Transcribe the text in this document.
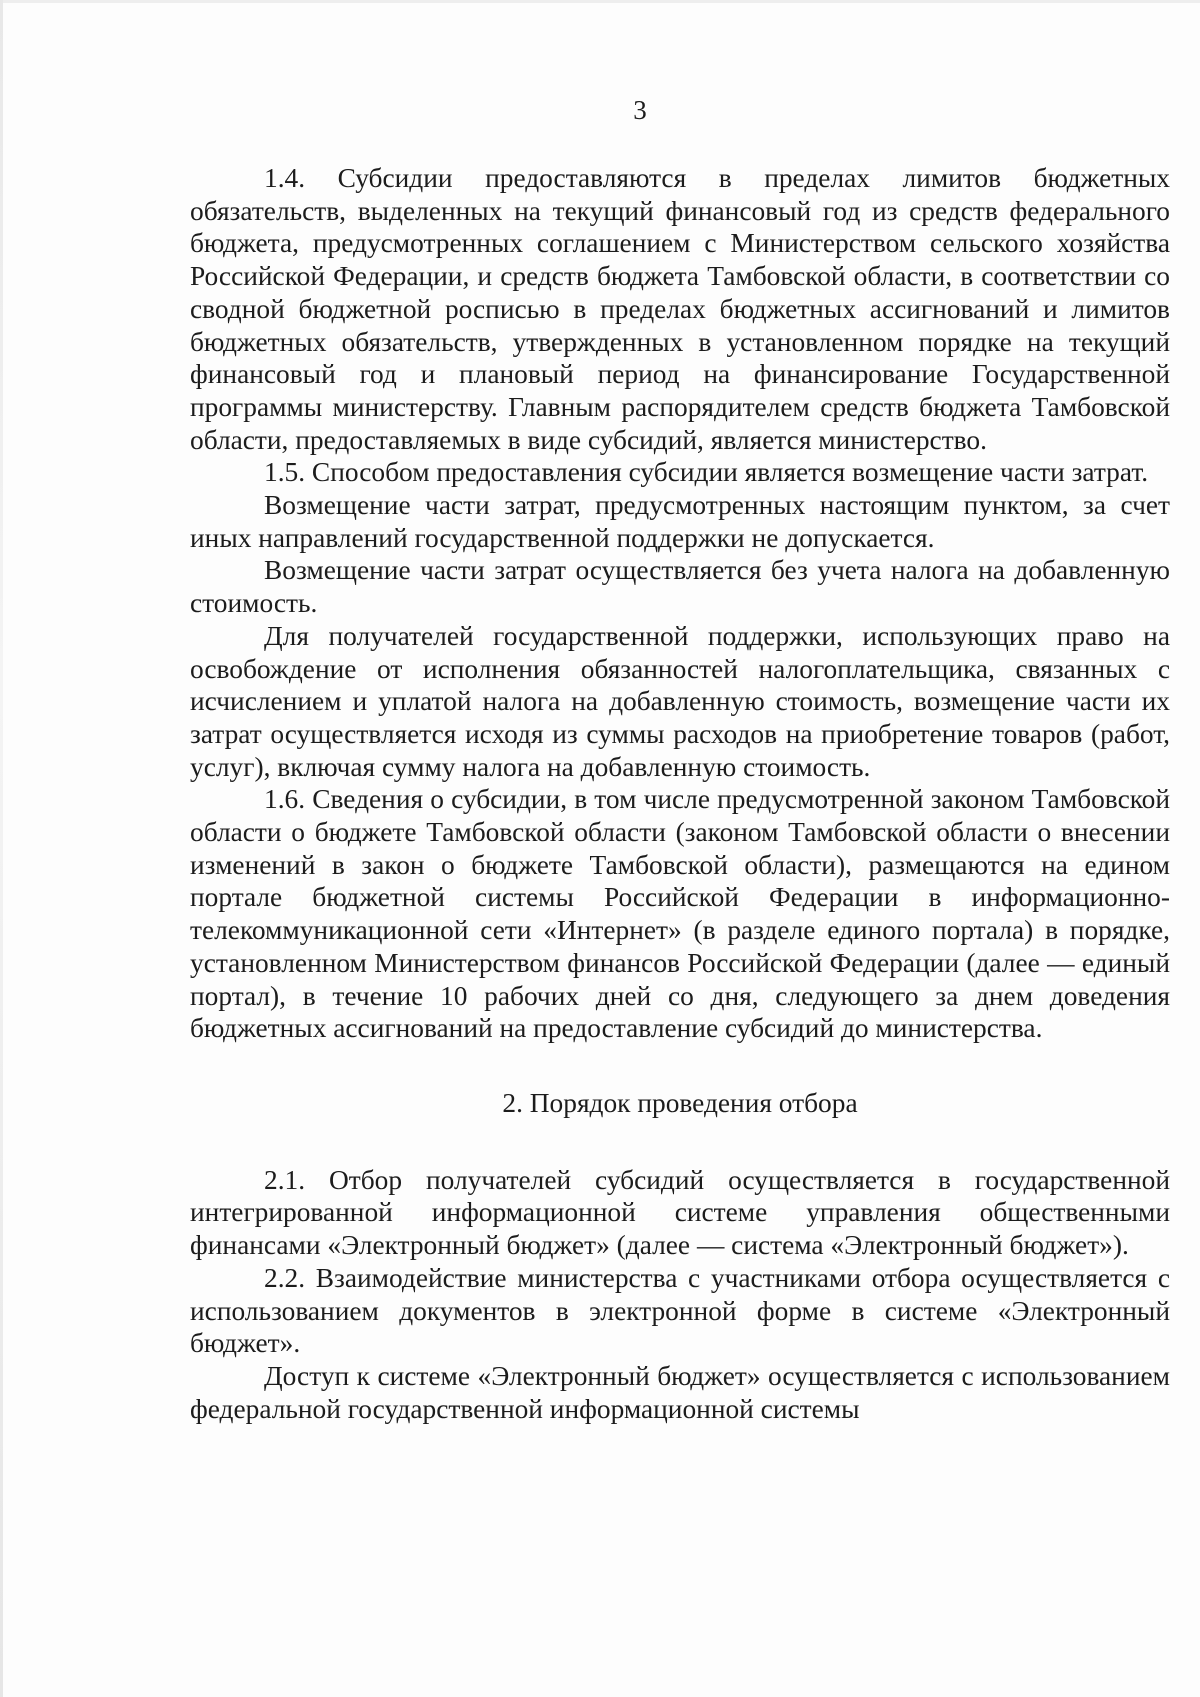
3

1.4. Субсидии предоставляются в пределах лимитов бюджетных обязательств, выделенных на текущий финансовый год из средств федерального бюджета, предусмотренных соглашением с Министерством сельского хозяйства Российской Федерации, и средств бюджета Тамбовской области, в соответствии со сводной бюджетной росписью в пределах бюджетных ассигнований и лимитов бюджетных обязательств, утвержденных в установленном порядке на текущий финансовый год и плановый период на финансирование Государственной программы министерству. Главным распорядителем средств бюджета Тамбовской области, предоставляемых в виде субсидий, является министерство.

1.5. Способом предоставления субсидии является возмещение части затрат.

Возмещение части затрат, предусмотренных настоящим пунктом, за счет иных направлений государственной поддержки не допускается.

Возмещение части затрат осуществляется без учета налога на добавленную стоимость.

Для получателей государственной поддержки, использующих право на освобождение от исполнения обязанностей налогоплательщика, связанных с исчислением и уплатой налога на добавленную стоимость, возмещение части их затрат осуществляется исходя из суммы расходов на приобретение товаров (работ, услуг), включая сумму налога на добавленную стоимость.

1.6. Сведения о субсидии, в том числе предусмотренной законом Тамбовской области о бюджете Тамбовской области (законом Тамбовской области о внесении изменений в закон о бюджете Тамбовской области), размещаются на едином портале бюджетной системы Российской Федерации в информационно-телекоммуникационной сети «Интернет» (в разделе единого портала) в порядке, установленном Министерством финансов Российской Федерации (далее — единый портал), в течение 10 рабочих дней со дня, следующего за днем доведения бюджетных ассигнований на предоставление субсидий до министерства.

2. Порядок проведения отбора

2.1. Отбор получателей субсидий осуществляется в государственной интегрированной информационной системе управления общественными финансами «Электронный бюджет» (далее — система «Электронный бюджет»).

2.2. Взаимодействие министерства с участниками отбора осуществляется с использованием документов в электронной форме в системе «Электронный бюджет».

Доступ к системе «Электронный бюджет» осуществляется с использованием федеральной государственной информационной системы
